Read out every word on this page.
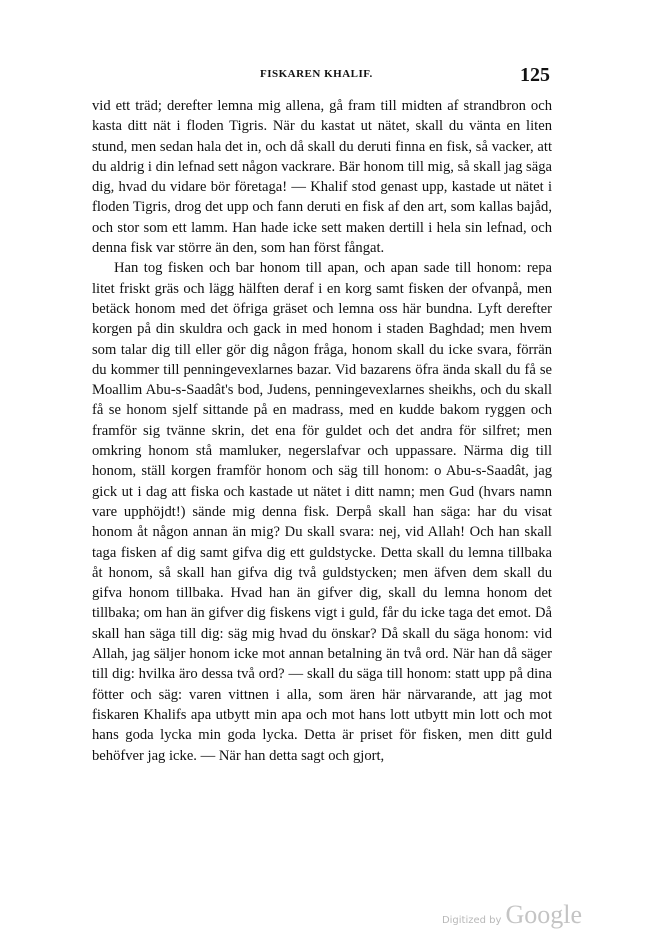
FISKAREN KHALIF.	125

vid ett träd; derefter lemna mig allena, gå fram till midten af strandbron och kasta ditt nät i floden Tigris. När du kastat ut nätet, skall du vänta en liten stund, men sedan hala det in, och då skall du deruti finna en fisk, så vacker, att du aldrig i din lefnad sett någon vackrare. Bär honom till mig, så skall jag säga dig, hvad du vidare bör företaga! — Khalif stod genast upp, kastade ut nätet i floden Tigris, drog det upp och fann deruti en fisk af den art, som kallas bajåd, och stor som ett lamm. Han hade icke sett maken dertill i hela sin lefnad, och denna fisk var större än den, som han först fångat.

Han tog fisken och bar honom till apan, och apan sade till honom: repa litet friskt gräs och lägg hälften deraf i en korg samt fisken der ofvanpå, men betäck honom med det öfriga gräset och lemna oss här bundna. Lyft derefter korgen på din skuldra och gack in med honom i staden Baghdad; men hvem som talar dig till eller gör dig någon fråga, honom skall du icke svara, förrän du kommer till penningevexlarnes bazar. Vid bazarens öfra ända skall du få se Moallim Abu-s-Saadât's bod, Judens, penningevexlarnes sheikhs, och du skall få se honom sjelf sittande på en madrass, med en kudde bakom ryggen och framför sig tvänne skrin, det ena för guldet och det andra för silfret; men omkring honom stå mamluker, negerslafvar och uppassare. Närma dig till honom, ställ korgen framför honom och säg till honom: o Abu-s-Saadât, jag gick ut i dag att fiska och kastade ut nätet i ditt namn; men Gud (hvars namn vare upphöjdt!) sände mig denna fisk. Derpå skall han säga: har du visat honom åt någon annan än mig? Du skall svara: nej, vid Allah! Och han skall taga fisken af dig samt gifva dig ett guldstycke. Detta skall du lemna tillbaka åt honom, så skall han gifva dig två guldstycken; men äfven dem skall du gifva honom tillbaka. Hvad han än gifver dig, skall du lemna honom det tillbaka; om han än gifver dig fiskens vigt i guld, får du icke taga det emot. Då skall han säga till dig: säg mig hvad du önskar? Då skall du säga honom: vid Allah, jag säljer honom icke mot annan betalning än två ord. När han då säger till dig: hvilka äro dessa två ord? — skall du säga till honom: statt upp på dina fötter och säg: varen vittnen i alla, som ären här närvarande, att jag mot fiskaren Khalifs apa utbytt min apa och mot hans lott utbytt min lott och mot hans goda lycka min goda lycka. Detta är priset för fisken, men ditt guld behöfver jag icke. — När han detta sagt och gjort,

Digitized by Google
